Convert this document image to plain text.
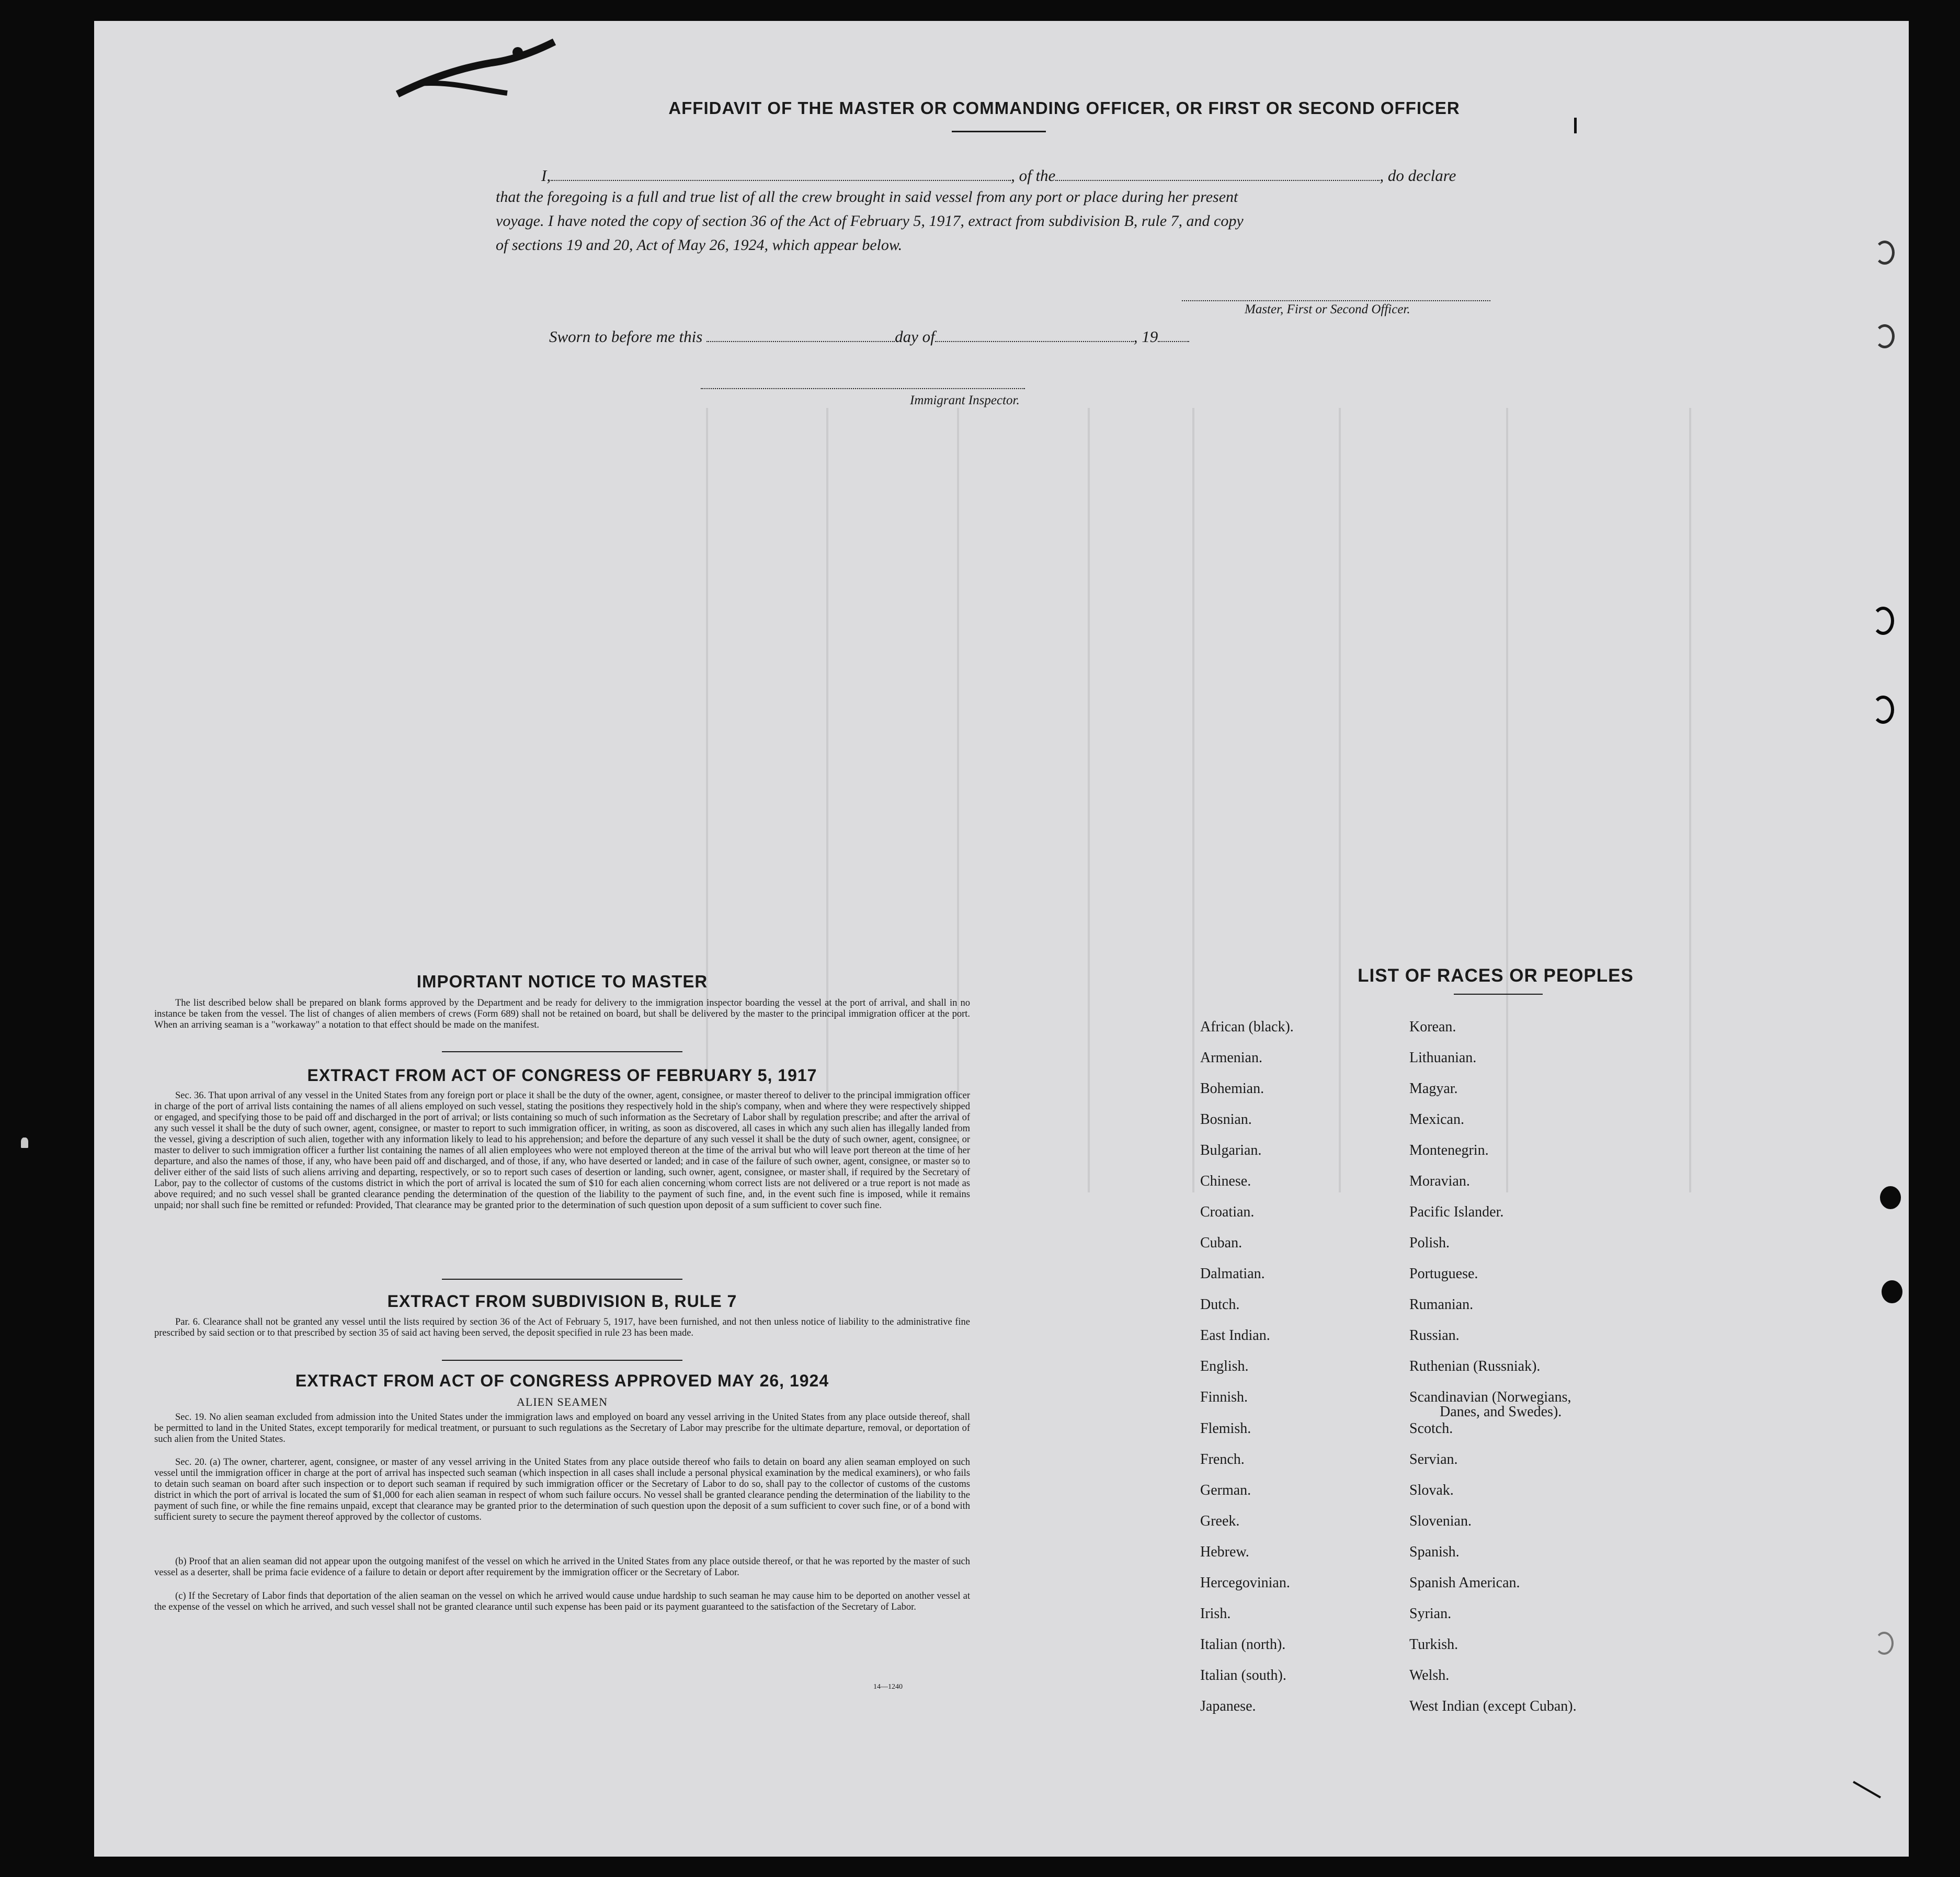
AFFIDAVIT OF THE MASTER OR COMMANDING OFFICER, OR FIRST OR SECOND OFFICER
I,	, of the	, do declare
that the foregoing is a full and true list of all the crew brought in said vessel from any port or place during her present
voyage. I have noted the copy of section 36 of the Act of February 5, 1917, extract from subdivision B, rule 7, and copy
of sections 19 and 20, Act of May 26, 1924, which appear below.
Master, First or Second Officer.
Sworn to before me this	day of	, 19
Immigrant Inspector.
IMPORTANT NOTICE TO MASTER
The list described below shall be prepared on blank forms approved by the Department and be ready for delivery to the immigration inspector boarding the vessel at the port of arrival, and shall in no instance be taken from the vessel. The list of changes of alien members of crews (Form 689) shall not be retained on board, but shall be delivered by the master to the principal immigration officer at the port. When an arriving seaman is a "workaway" a notation to that effect should be made on the manifest.
EXTRACT FROM ACT OF CONGRESS OF FEBRUARY 5, 1917
Sec. 36. That upon arrival of any vessel in the United States from any foreign port or place it shall be the duty of the owner, agent, consignee, or master thereof to deliver to the principal immigration officer in charge of the port of arrival lists containing the names of all aliens employed on such vessel, stating the positions they respectively hold in the ship's company, when and where they were respectively shipped or engaged, and specifying those to be paid off and discharged in the port of arrival; or lists containing so much of such information as the Secretary of Labor shall by regulation prescribe; and after the arrival of any such vessel it shall be the duty of such owner, agent, consignee, or master to report to such immigration officer, in writing, as soon as discovered, all cases in which any such alien has illegally landed from the vessel, giving a description of such alien, together with any information likely to lead to his apprehension; and before the departure of any such vessel it shall be the duty of such owner, agent, consignee, or master to deliver to such immigration officer a further list containing the names of all alien employees who were not employed thereon at the time of the arrival but who will leave port thereon at the time of her departure, and also the names of those, if any, who have been paid off and discharged, and of those, if any, who have deserted or landed; and in case of the failure of such owner, agent, consignee, or master so to deliver either of the said lists of such aliens arriving and departing, respectively, or so to report such cases of desertion or landing, such owner, agent, consignee, or master shall, if required by the Secretary of Labor, pay to the collector of customs of the customs district in which the port of arrival is located the sum of $10 for each alien concerning whom correct lists are not delivered or a true report is not made as above required; and no such vessel shall be granted clearance pending the determination of the question of the liability to the payment of such fine, and, in the event such fine is imposed, while it remains unpaid; nor shall such fine be remitted or refunded: Provided, That clearance may be granted prior to the determination of such question upon deposit of a sum sufficient to cover such fine.
EXTRACT FROM SUBDIVISION B, RULE 7
Par. 6. Clearance shall not be granted any vessel until the lists required by section 36 of the Act of February 5, 1917, have been furnished, and not then unless notice of liability to the administrative fine prescribed by said section or to that prescribed by section 35 of said act having been served, the deposit specified in rule 23 has been made.
EXTRACT FROM ACT OF CONGRESS APPROVED MAY 26, 1924
ALIEN SEAMEN
Sec. 19. No alien seaman excluded from admission into the United States under the immigration laws and employed on board any vessel arriving in the United States from any place outside thereof, shall be permitted to land in the United States, except temporarily for medical treatment, or pursuant to such regulations as the Secretary of Labor may prescribe for the ultimate departure, removal, or deportation of such alien from the United States.
Sec. 20. (a) The owner, charterer, agent, consignee, or master of any vessel arriving in the United States from any place outside thereof who fails to detain on board any alien seaman employed on such vessel until the immigration officer in charge at the port of arrival has inspected such seaman (which inspection in all cases shall include a personal physical examination by the medical examiners), or who fails to detain such seaman on board after such inspection or to deport such seaman if required by such immigration officer or the Secretary of Labor to do so, shall pay to the collector of customs of the customs district in which the port of arrival is located the sum of $1,000 for each alien seaman in respect of whom such failure occurs. No vessel shall be granted clearance pending the determination of the liability to the payment of such fine, or while the fine remains unpaid, except that clearance may be granted prior to the determination of such question upon the deposit of a sum sufficient to cover such fine, or of a bond with sufficient surety to secure the payment thereof approved by the collector of customs.
(b) Proof that an alien seaman did not appear upon the outgoing manifest of the vessel on which he arrived in the United States from any place outside thereof, or that he was reported by the master of such vessel as a deserter, shall be prima facie evidence of a failure to detain or deport after requirement by the immigration officer or the Secretary of Labor.
(c) If the Secretary of Labor finds that deportation of the alien seaman on the vessel on which he arrived would cause undue hardship to such seaman he may cause him to be deported on another vessel at the expense of the vessel on which he arrived, and such vessel shall not be granted clearance until such expense has been paid or its payment guaranteed to the satisfaction of the Secretary of Labor.
14—1240
LIST OF RACES OR PEOPLES
African (black).	Korean.
Armenian.	Lithuanian.
Bohemian.	Magyar.
Bosnian.	Mexican.
Bulgarian.	Montenegrin.
Chinese.	Moravian.
Croatian.	Pacific Islander.
Cuban.	Polish.
Dalmatian.	Portuguese.
Dutch.	Rumanian.
East Indian.	Russian.
English.	Ruthenian (Russniak).
Finnish.	Scandinavian (Norwegians,
Danes, and Swedes).

Flemish.	Scotch.
French.	Servian.
German.	Slovak.
Greek.	Slovenian.
Hebrew.	Spanish.
Hercegovinian.	Spanish American.
Irish.	Syrian.
Italian (north).	Turkish.
Italian (south).	Welsh.
Japanese.	West Indian (except Cuban).
